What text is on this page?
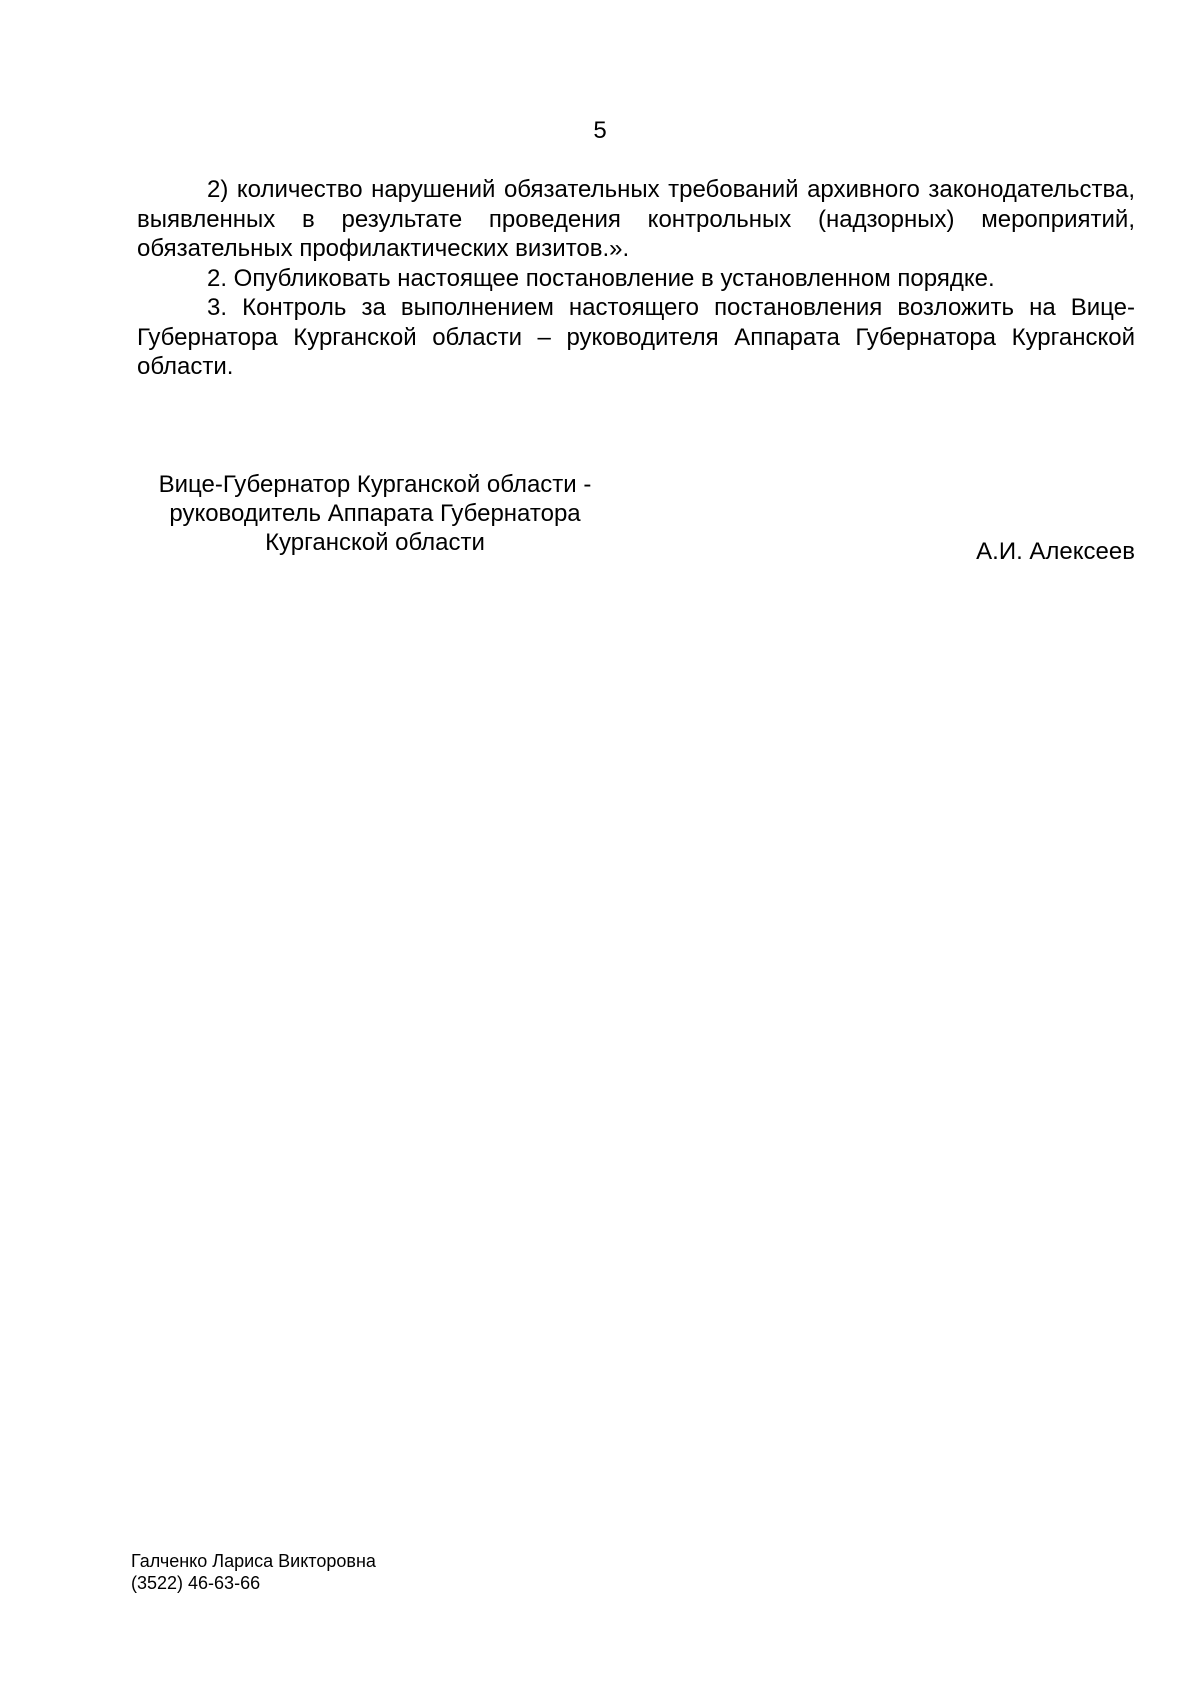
5

2) количество нарушений обязательных требований архивного законодательства, выявленных в результате проведения контрольных (надзорных) мероприятий, обязательных профилактических визитов.».

2. Опубликовать настоящее постановление в установленном порядке.

3. Контроль за выполнением настоящего постановления возложить на Вице-Губернатора Курганской области – руководителя Аппарата Губернатора Курганской области.

Вице-Губернатор Курганской области -
руководитель Аппарата Губернатора
Курганской области	А.И. Алексеев
Галченко Лариса Викторовна
(3522) 46-63-66
